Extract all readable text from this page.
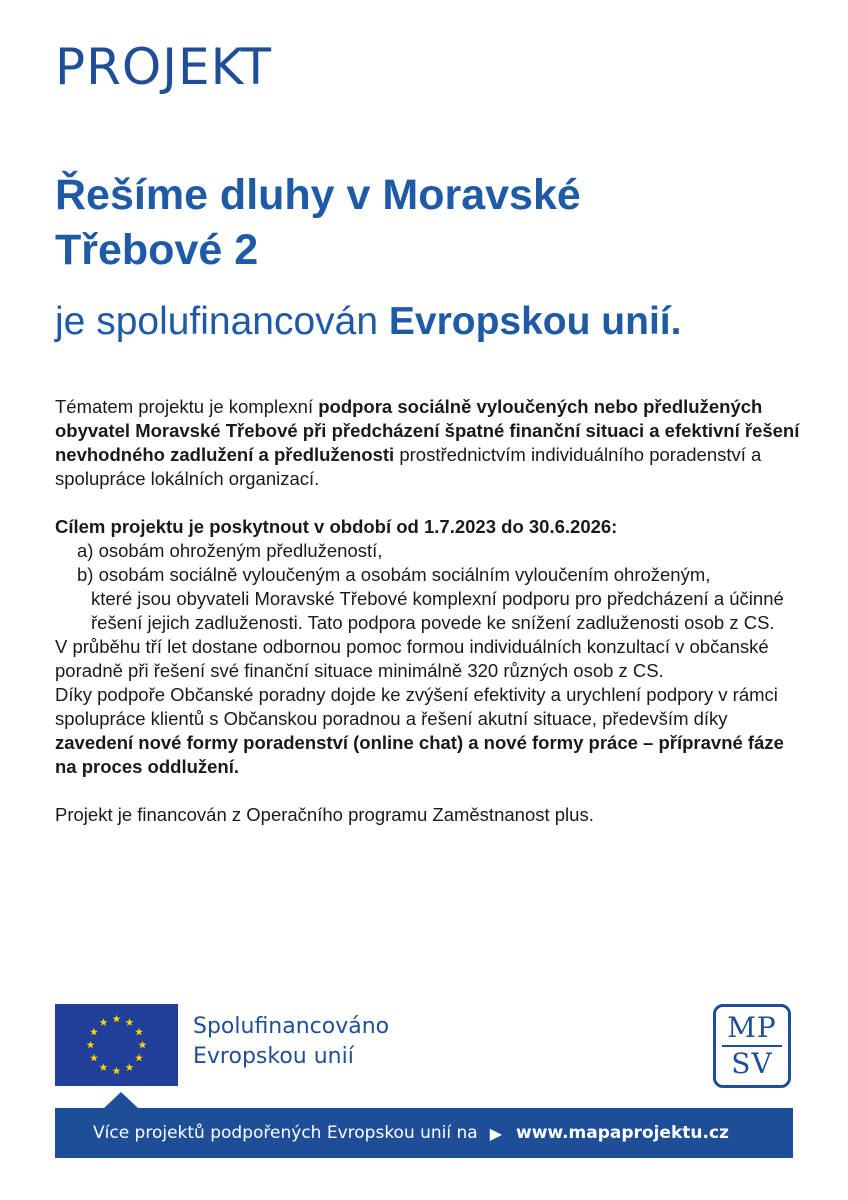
PROJEKT
Řešíme dluhy v Moravské
Třebové 2
je spolufinancován Evropskou unií.

Tématem projektu je komplexní podpora sociálně vyloučených nebo předlužených obyvatel Moravské Třebové při předcházení špatné finanční situaci a efektivní řešení nevhodného zadlužení a předluženosti prostřednictvím individuálního poradenství a spolupráce lokálních organizací.

Cílem projektu je poskytnout v období od 1.7.2023 do 30.6.2026:

a) osobám ohroženým předlužeností,

b) osobám sociálně vyloučeným a osobám sociálním vyloučením ohroženým,

které jsou obyvateli Moravské Třebové komplexní podporu pro předcházení a účinné řešení jejich zadluženosti. Tato podpora povede ke snížení zadluženosti osob z CS.

V průběhu tří let dostane odbornou pomoc formou individuálních konzultací v občanské poradně při řešení své finanční situace minimálně 320 různých osob z CS.

Díky podpoře Občanské poradny dojde ke zvýšení efektivity a urychlení podpory v rámci spolupráce klientů s Občanskou poradnou a řešení akutní situace, především díky zavedení nové formy poradenství (online chat) a nové formy práce – přípravné fáze na proces oddlužení.

Projekt je financován z Operačního programu Zaměstnanost plus.

Spolufinancováno
Evropskou unií
MP
SV
Více projektů podpořených Evropskou unií na ▶ www.mapaprojektu.cz
